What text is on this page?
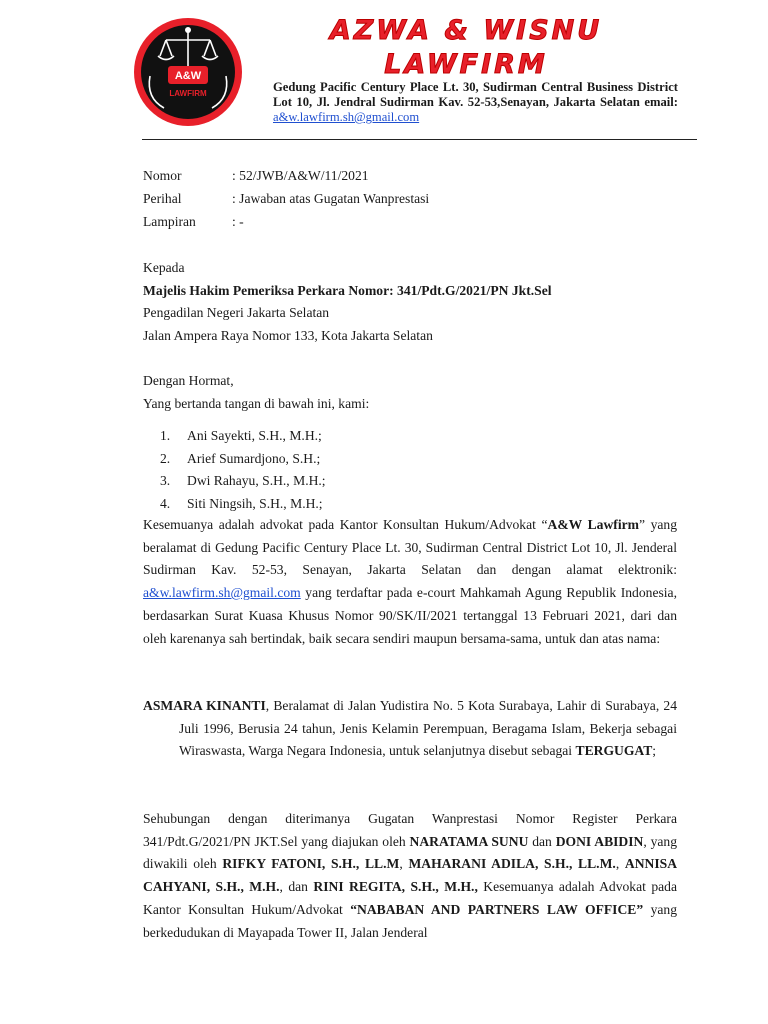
A&W
LAWFIRM
AZWA & WISNU
LAWFIRM
Gedung Pacific Century Place Lt. 30, Sudirman Central Business District Lot 10, Jl. Jendral Sudirman Kav. 52-53,Senayan, Jakarta Selatan email: a&w.lawfirm.sh@gmail.com
Nomor	: 52/JWB/A&W/11/2021
Perihal	: Jawaban atas Gugatan Wanprestasi
Lampiran	: -
Kepada
Majelis Hakim Pemeriksa Perkara Nomor: 341/Pdt.G/2021/PN Jkt.Sel
Pengadilan Negeri Jakarta Selatan
Jalan Ampera Raya Nomor 133, Kota Jakarta Selatan
Dengan Hormat,
Yang bertanda tangan di bawah ini, kami:
1. Ani Sayekti, S.H., M.H.;
2. Arief Sumardjono, S.H.;
3. Dwi Rahayu, S.H., M.H.;
4. Siti Ningsih, S.H., M.H.;
Kesemuanya adalah advokat pada Kantor Konsultan Hukum/Advokat “A&W Lawfirm” yang beralamat di Gedung Pacific Century Place Lt. 30, Sudirman Central District Lot 10, Jl. Jenderal Sudirman Kav. 52-53, Senayan, Jakarta Selatan dan dengan alamat elektronik: a&w.lawfirm.sh@gmail.com yang terdaftar pada e-court Mahkamah Agung Republik Indonesia, berdasarkan Surat Kuasa Khusus Nomor 90/SK/II/2021 tertanggal 13 Februari 2021, dari dan oleh karenanya sah bertindak, baik secara sendiri maupun bersama-sama, untuk dan atas nama:
ASMARA KINANTI, Beralamat di Jalan Yudistira No. 5 Kota Surabaya, Lahir di Surabaya, 24 Juli 1996, Berusia 24 tahun, Jenis Kelamin Perempuan, Beragama Islam, Bekerja sebagai Wiraswasta, Warga Negara Indonesia, untuk selanjutnya disebut sebagai TERGUGAT;
Sehubungan dengan diterimanya Gugatan Wanprestasi Nomor Register Perkara 341/Pdt.G/2021/PN JKT.Sel yang diajukan oleh NARATAMA SUNU dan DONI ABIDIN, yang diwakili oleh RIFKY FATONI, S.H., LL.M, MAHARANI ADILA, S.H., LL.M., ANNISA CAHYANI, S.H., M.H., dan RINI REGITA, S.H., M.H., Kesemuanya adalah Advokat pada Kantor Konsultan Hukum/Advokat “NABABAN AND PARTNERS LAW OFFICE” yang berkedudukan di Mayapada Tower II, Jalan Jenderal
